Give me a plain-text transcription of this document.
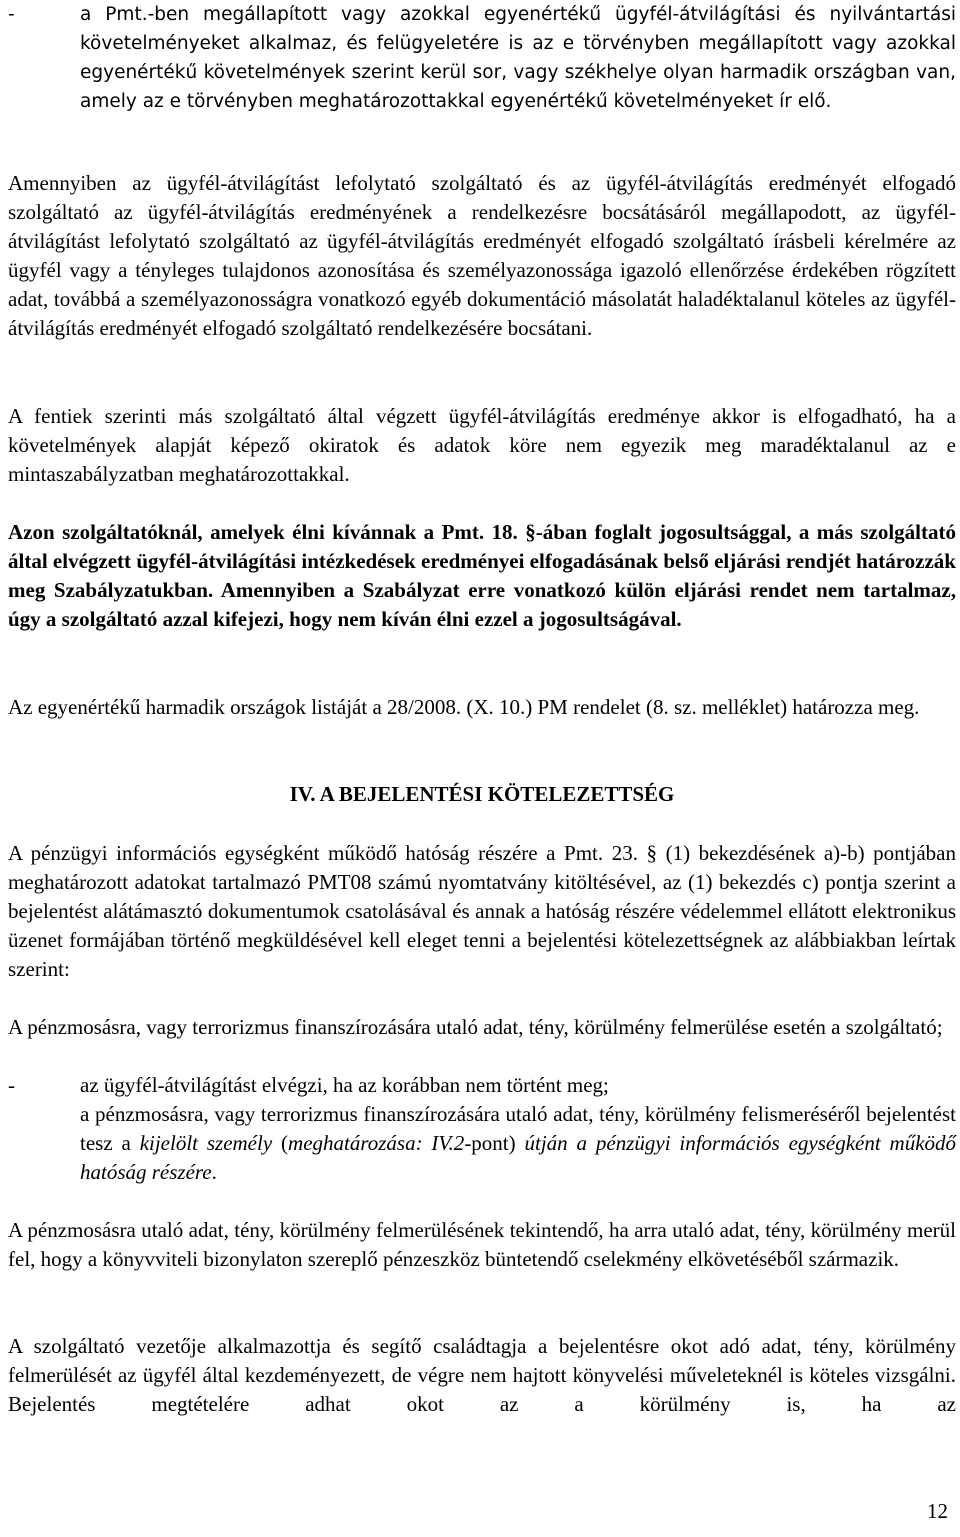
-	a Pmt.-ben megállapított vagy azokkal egyenértékű ügyfél-átvilágítási és nyilvántartási követelményeket alkalmaz, és felügyeletére is az e törvényben megállapított vagy azokkal egyenértékű követelmények szerint kerül sor, vagy székhelye olyan harmadik országban van, amely az e törvényben meghatározottakkal egyenértékű követelményeket ír elő.

Amennyiben az ügyfél-átvilágítást lefolytató szolgáltató és az ügyfél-átvilágítás eredményét elfogadó szolgáltató az ügyfél-átvilágítás eredményének a rendelkezésre bocsátásáról megállapodott, az ügyfél-átvilágítást lefolytató szolgáltató az ügyfél-átvilágítás eredményét elfogadó szolgáltató írásbeli kérelmére az ügyfél vagy a tényleges tulajdonos azonosítása és személyazonossága igazoló ellenőrzése érdekében rögzített adat, továbbá a személyazonosságra vonatkozó egyéb dokumentáció másolatát haladéktalanul köteles az ügyfél-átvilágítás eredményét elfogadó szolgáltató rendelkezésére bocsátani.

A fentiek szerinti más szolgáltató által végzett ügyfél-átvilágítás eredménye akkor is elfogadható, ha a követelmények alapját képező okiratok és adatok köre nem egyezik meg maradéktalanul az e mintaszabályzatban meghatározottakkal.

Azon szolgáltatóknál, amelyek élni kívánnak a Pmt. 18. §-ában foglalt jogosultsággal, a más szolgáltató által elvégzett ügyfél-átvilágítási intézkedések eredményei elfogadásának belső eljárási rendjét határozzák meg Szabályzatukban. Amennyiben a Szabályzat erre vonatkozó külön eljárási rendet nem tartalmaz, úgy a szolgáltató azzal kifejezi, hogy nem kíván élni ezzel a jogosultságával.

Az egyenértékű harmadik országok listáját a 28/2008. (X. 10.) PM rendelet (8. sz. melléklet) határozza meg.

IV. A BEJELENTÉSI KÖTELEZETTSÉG

A pénzügyi információs egységként működő hatóság részére a Pmt. 23. § (1) bekezdésének a)-b) pontjában meghatározott adatokat tartalmazó PMT08 számú nyomtatvány kitöltésével, az (1) bekezdés c) pontja szerint a bejelentést alátámasztó dokumentumok csatolásával és annak a hatóság részére védelemmel ellátott elektronikus üzenet formájában történő megküldésével kell eleget tenni a bejelentési kötelezettségnek az alábbiakban leírtak szerint:

A pénzmosásra, vagy terrorizmus finanszírozására utaló adat, tény, körülmény felmerülése esetén a szolgáltató;

-	az ügyfél-átvilágítást elvégzi, ha az korábban nem történt meg;
a pénzmosásra, vagy terrorizmus finanszírozására utaló adat, tény, körülmény felismeréséről bejelentést tesz a kijelölt személy (meghatározása: IV.2-pont) útján a pénzügyi információs egységként működő hatóság részére.

A pénzmosásra utaló adat, tény, körülmény felmerülésének tekintendő, ha arra utaló adat, tény, körülmény merül fel, hogy a könyvviteli bizonylaton szereplő pénzeszköz büntetendő cselekmény elkövetéséből származik.

A szolgáltató vezetője alkalmazottja és segítő családtagja a bejelentésre okot adó adat, tény, körülmény felmerülését az ügyfél által kezdeményezett, de végre nem hajtott könyvelési műveleteknél is köteles vizsgálni. Bejelentés megtételére adhat okot az a körülmény is, ha az

12
